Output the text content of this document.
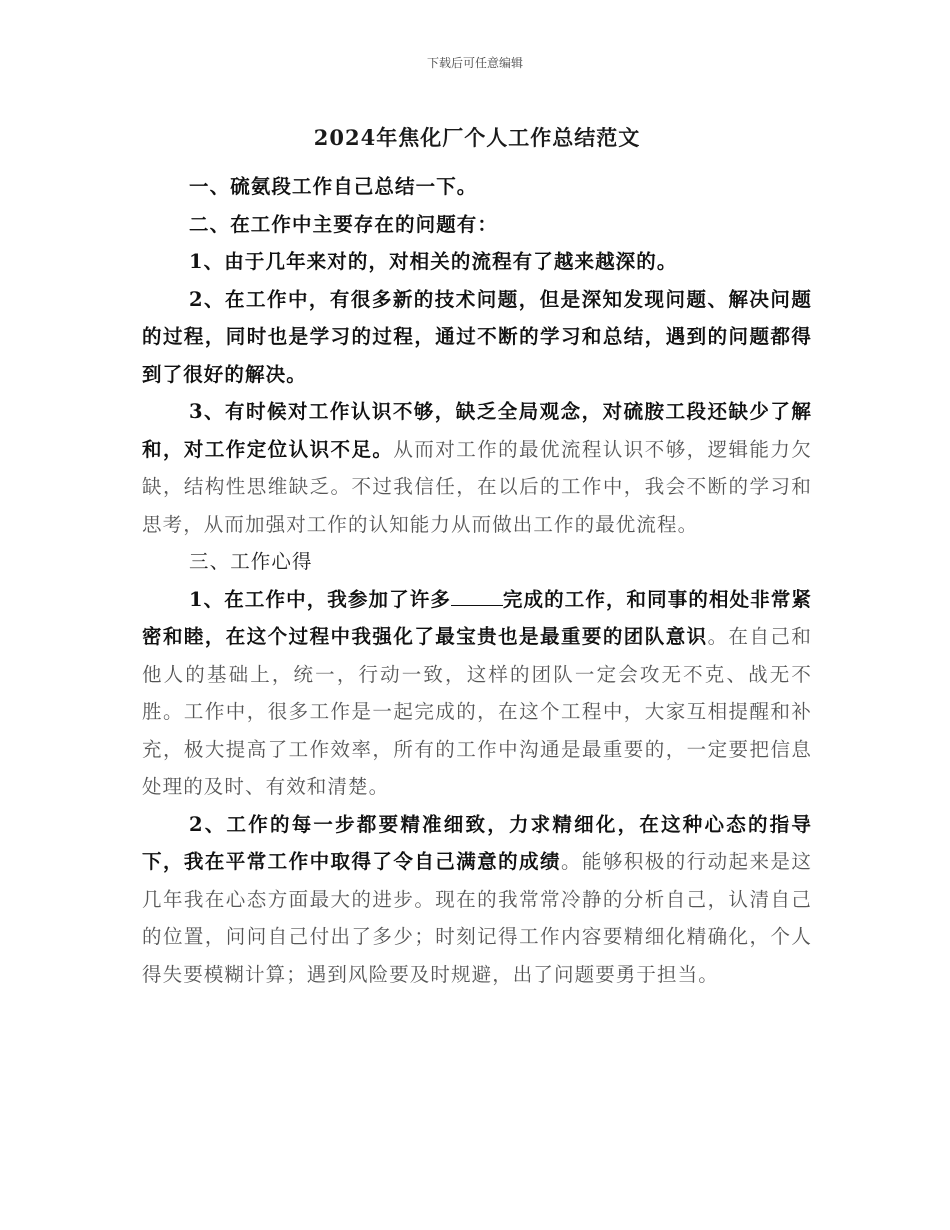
下载后可任意编辑
2024年焦化厂个人工作总结范文

一、硫氨段工作自己总结一下。

二、在工作中主要存在的问题有：

1、由于几年来对的，对相关的流程有了越来越深的。

2、在工作中，有很多新的技术问题，但是深知发现问题、解决问题的过程，同时也是学习的过程，通过不断的学习和总结，遇到的问题都得到了很好的解决。

3、有时候对工作认识不够，缺乏全局观念，对硫胺工段还缺少了解和，对工作定位认识不足。从而对工作的最优流程认识不够，逻辑能力欠缺，结构性思维缺乏。不过我信任，在以后的工作中，我会不断的学习和思考，从而加强对工作的认知能力从而做出工作的最优流程。

三、工作心得

1、在工作中，我参加了许多	完成的工作，和同事的相处非常紧密和睦，在这个过程中我强化了最宝贵也是最重要的团队意识。在自己和他人的基础上，统一，行动一致，这样的团队一定会攻无不克、战无不胜。工作中，很多工作是一起完成的，在这个工程中，大家互相提醒和补充，极大提高了工作效率，所有的工作中沟通是最重要的，一定要把信息处理的及时、有效和清楚。

2、工作的每一步都要精准细致，力求精细化，在这种心态的指导下，我在平常工作中取得了令自己满意的成绩。能够积极的行动起来是这几年我在心态方面最大的进步。现在的我常常冷静的分析自己，认清自己的位置，问问自己付出了多少；时刻记得工作内容要精细化精确化，个人得失要模糊计算；遇到风险要及时规避，出了问题要勇于担当。
